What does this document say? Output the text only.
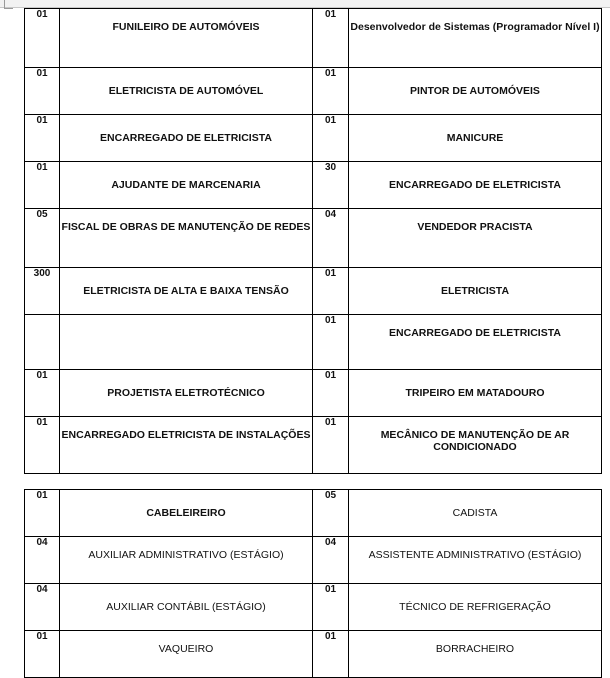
01	FUNILEIRO DE AUTOMÓVEIS	01	Desenvolvedor de Sistemas (Programador Nível I)
01	ELETRICISTA DE AUTOMÓVEL	01	PINTOR DE AUTOMÓVEIS
01	ENCARREGADO DE ELETRICISTA	01	MANICURE
01	AJUDANTE DE MARCENARIA	30	ENCARREGADO DE ELETRICISTA
05	FISCAL DE OBRAS DE MANUTENÇÃO DE REDES	04	VENDEDOR PRACISTA
300	ELETRICISTA DE ALTA E BAIXA TENSÃO	01	ELETRICISTA
		01	ENCARREGADO DE ELETRICISTA
01	PROJETISTA ELETROTÉCNICO	01	TRIPEIRO EM MATADOURO
01	ENCARREGADO ELETRICISTA DE INSTALAÇÕES	01	MECÂNICO DE MANUTENÇÃO DE AR CONDICIONADO
01	CABELEIREIRO	05	CADISTA
04	AUXILIAR ADMINISTRATIVO (ESTÁGIO)	04	ASSISTENTE ADMINISTRATIVO (ESTÁGIO)
04	AUXILIAR CONTÁBIL (ESTÁGIO)	01	TÉCNICO DE REFRIGERAÇÃO
01	VAQUEIRO	01	BORRACHEIRO
